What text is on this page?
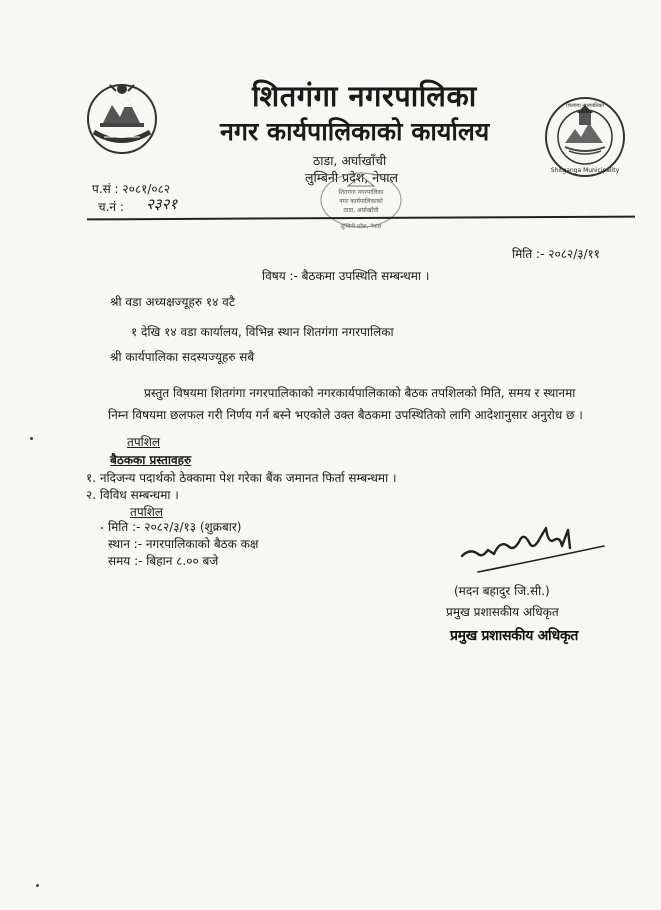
शितगंगा नगरपालिका
Shitganga Municipality
शितगंगा नगरपालिका
नगर कार्यपालिकाको कार्यालय
ठाडा, अर्घाखाँची
लुम्बिनी प्रदेश, नेपाल
शितगंगा नगरपालिका
नगर कार्यपालिकाको
ठाडा, अर्घाखाँची
लुम्बिनी प्रदेश, नेपाल
प.सं : २०८१/०८२
च.नं : २३२१
मिति :- २०८२/३/११
विषय :- बैठकमा उपस्थिति सम्बन्धमा ।
श्री वडा अध्यक्षज्यूहरु १४ वटै
१ देखि १४ वडा कार्यालय, विभिन्न स्थान शितगंगा नगरपालिका
श्री कार्यपालिका सदस्यज्यूहरु सबै
प्रस्तुत विषयमा शितगंगा नगरपालिकाको नगरकार्यपालिकाको बैठक तपशिलको मिति, समय र स्थानमा
निम्न विषयमा छलफल गरी निर्णय गर्न बस्ने भएकोले उक्त बैठकमा उपस्थितिको लागि आदेशानुसार अनुरोध छ ।
तपशिल
बैठकका प्रस्तावहरु
१. नदिजन्य पदार्थको ठेक्कामा पेश गरेका बैंक जमानत फिर्ता सम्बन्धमा ।
२. विविध सम्बन्धमा ।
तपशिल
मिति :- २०८२/३/१३ (शुक्रबार)
स्थान :- नगरपालिकाको बैठक कक्ष
समय :- बिहान ८.०० बजे
(मदन बहादुर जि.सी.)
प्रमुख प्रशासकीय अधिकृत
प्रमुख प्रशासकीय अधिकृत
